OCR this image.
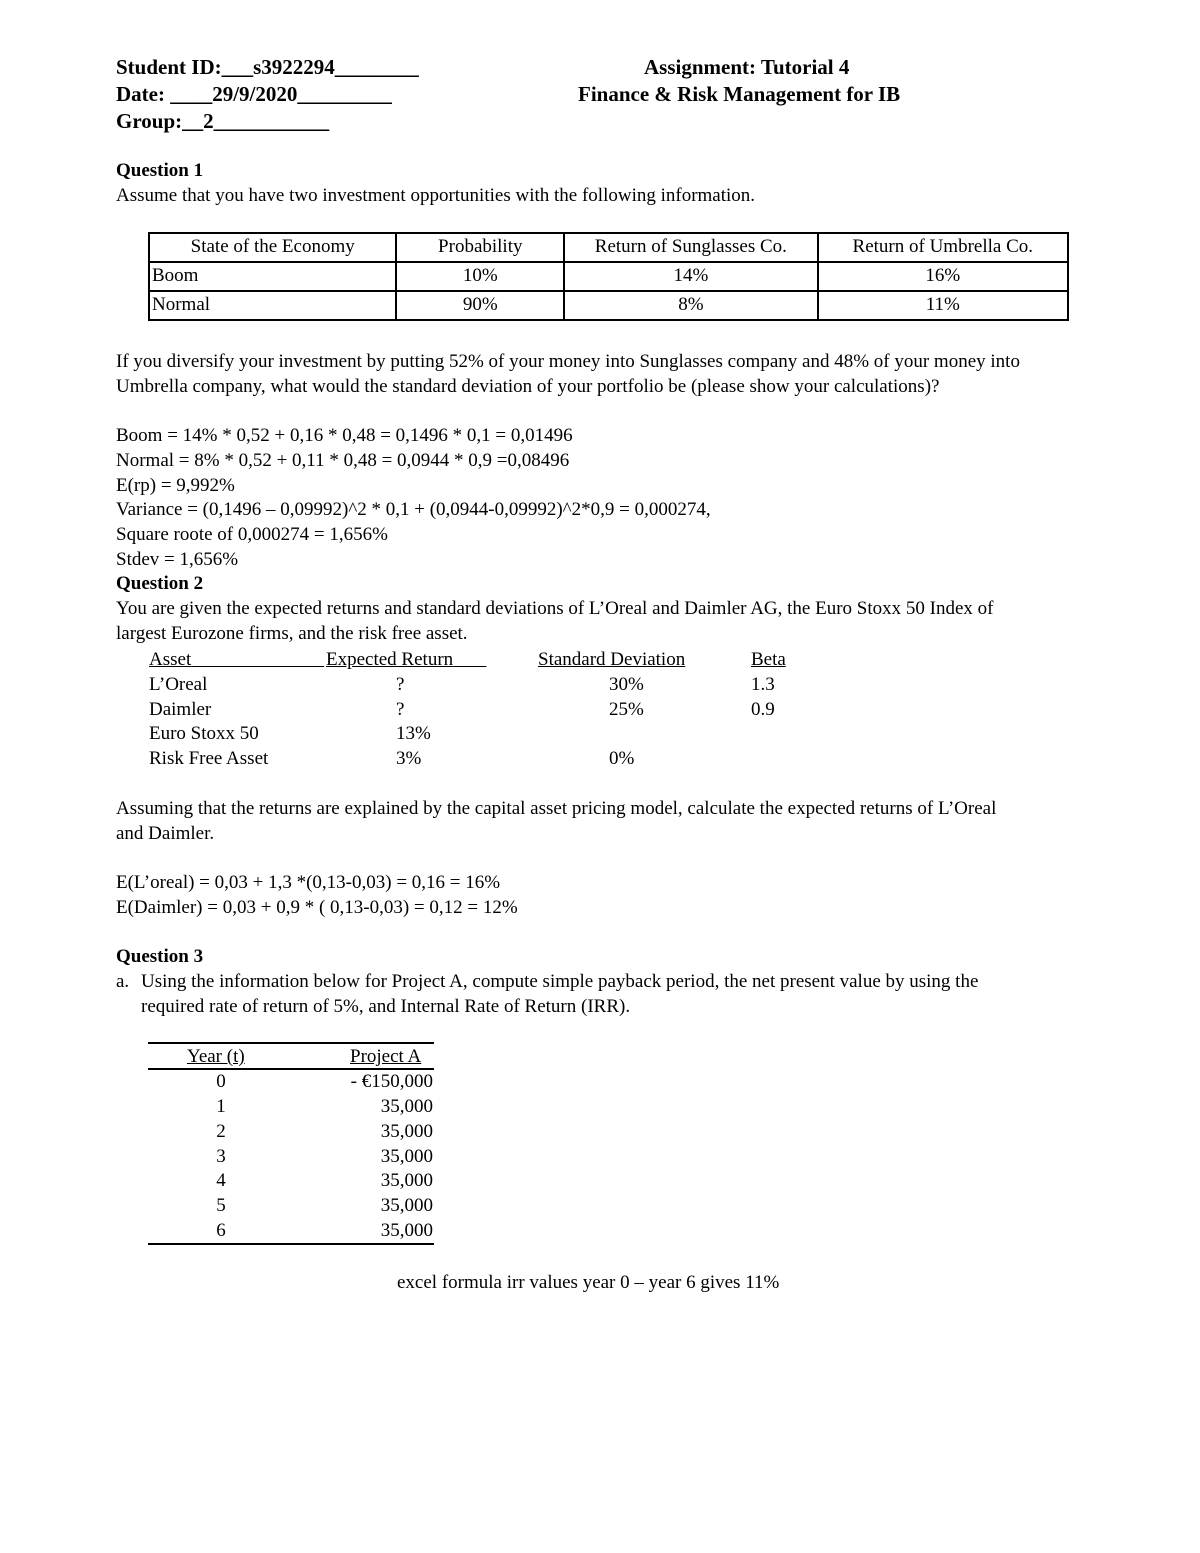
Student ID:___s3922294________
Date: ____29/9/2020_________
Group:__2___________
Assignment: Tutorial 4
Finance & Risk Management for IB
Question 1
Assume that you have two investment opportunities with the following information.
State of the Economy	Probability	Return of Sunglasses Co.	Return of Umbrella Co.
Boom	10%	14%	16%
Normal	90%	8%	11%
If you diversify your investment by putting 52% of your money into Sunglasses company and 48% of your money into
Umbrella company, what would the standard deviation of your portfolio be (please show your calculations)?
Boom = 14% * 0,52 + 0,16 * 0,48 = 0,1496 * 0,1 = 0,01496
Normal = 8% * 0,52 + 0,11 * 0,48 = 0,0944 * 0,9 =0,08496
E(rp) = 9,992%
Variance = (0,1496 – 0,09992)^2 * 0,1 + (0,0944-0,09992)^2*0,9 = 0,000274,
Square roote of 0,000274 = 1,656%
Stdev = 1,656%
Question 2
You are given the expected returns and standard deviations of L’Oreal and Daimler AG, the Euro Stoxx 50 Index of
largest Eurozone firms, and the risk free asset.
Asset	Expected Return	Standard Deviation	Beta
L’Oreal	?	30%	1.3
Daimler	?	25%	0.9
Euro Stoxx 50	13%
Risk Free Asset	3%	0%
Assuming that the returns are explained by the capital asset pricing model, calculate the expected returns of L’Oreal
and Daimler.
E(L’oreal) = 0,03 + 1,3 *(0,13-0,03) = 0,16 = 16%
E(Daimler) = 0,03 + 0,9 * ( 0,13-0,03) = 0,12 = 12%
Question 3
a. Using the information below for Project A, compute simple payback period, the net present value by using the
required rate of return of 5%, and Internal Rate of Return (IRR).
Year (t)	Project A
0	- €150,000
1	35,000
2	35,000
3	35,000
4	35,000
5	35,000
6	35,000
excel formula irr values year 0 – year 6 gives 11%
